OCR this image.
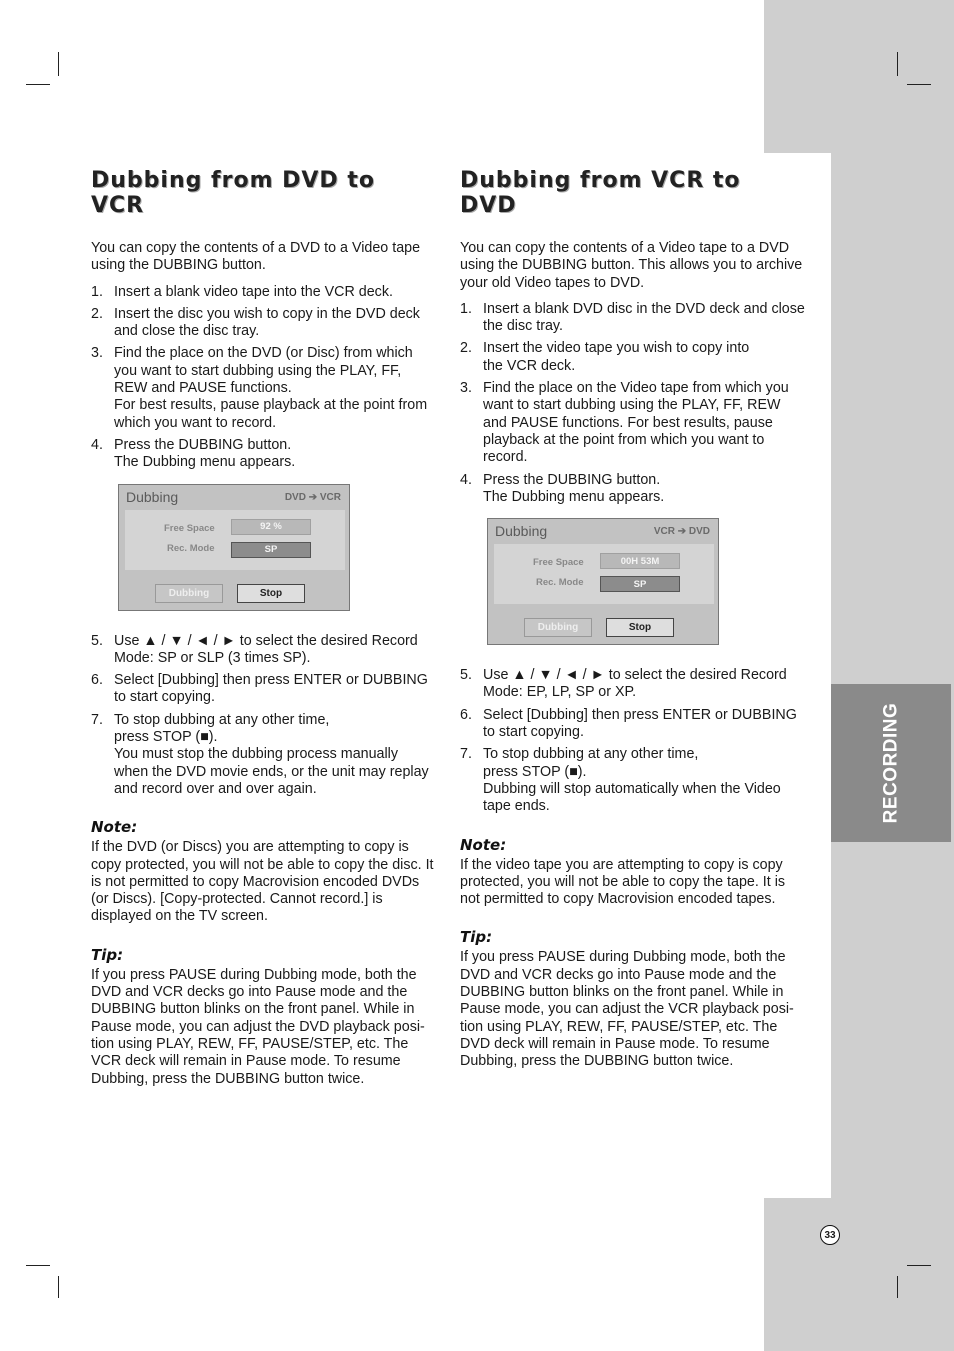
RECORDING
33
Dubbing from DVD to VCR

You can copy the contents of a DVD to a Video tape using the DUBBING button.

1. Insert a blank video tape into the VCR deck.
2. Insert the disc you wish to copy in the DVD deck and close the disc tray.
3. Find the place on the DVD (or Disc) from which you want to start dubbing using the PLAY, FF, REW and PAUSE functions.
For best results, pause playback at the point from which you want to record.
4. Press the DUBBING button.
The Dubbing menu appears.
Dubbing	DVD ➔ VCR
Free Space	92 %
Rec. Mode	SP
Dubbing	Stop
5. Use ▲ / ▼ / ◄ / ► to select the desired Record Mode: SP or SLP (3 times SP).
6. Select [Dubbing] then press ENTER or DUBBING to start copying.
7. To stop dubbing at any other time,
press STOP (■).
You must stop the dubbing process manually when the DVD movie ends, or the unit may replay and record over and over again.
Note:

If the DVD (or Discs) you are attempting to copy is copy protected, you will not be able to copy the disc. It is not permitted to copy Macrovision encoded DVDs (or Discs). [Copy-protected. Cannot record.] is displayed on the TV screen.

Tip:

If you press PAUSE during Dubbing mode, both the DVD and VCR decks go into Pause mode and the DUBBING button blinks on the front panel. While in Pause mode, you can adjust the DVD playback posi-tion using PLAY, REW, FF, PAUSE/STEP, etc. The VCR deck will remain in Pause mode. To resume Dubbing, press the DUBBING button twice.

Dubbing from VCR to DVD

You can copy the contents of a Video tape to a DVD using the DUBBING button. This allows you to archive your old Video tapes to DVD.

1. Insert a blank DVD disc in the DVD deck and close the disc tray.
2. Insert the video tape you wish to copy into
the VCR deck.
3. Find the place on the Video tape from which you want to start dubbing using the PLAY, FF, REW and PAUSE functions. For best results, pause playback at the point from which you want to record.
4. Press the DUBBING button.
The Dubbing menu appears.
Dubbing	VCR ➔ DVD
Free Space	00H 53M
Rec. Mode	SP
Dubbing	Stop
5. Use ▲ / ▼ / ◄ / ► to select the desired Record Mode: EP, LP, SP or XP.
6. Select [Dubbing] then press ENTER or DUBBING to start copying.
7. To stop dubbing at any other time,
press STOP (■).
Dubbing will stop automatically when the Video tape ends.
Note:

If the video tape you are attempting to copy is copy protected, you will not be able to copy the tape. It is not permitted to copy Macrovision encoded tapes.

Tip:

If you press PAUSE during Dubbing mode, both the DVD and VCR decks go into Pause mode and the DUBBING button blinks on the front panel. While in Pause mode, you can adjust the VCR playback posi-tion using PLAY, REW, FF, PAUSE/STEP, etc. The DVD deck will remain in Pause mode. To resume Dubbing, press the DUBBING button twice.
